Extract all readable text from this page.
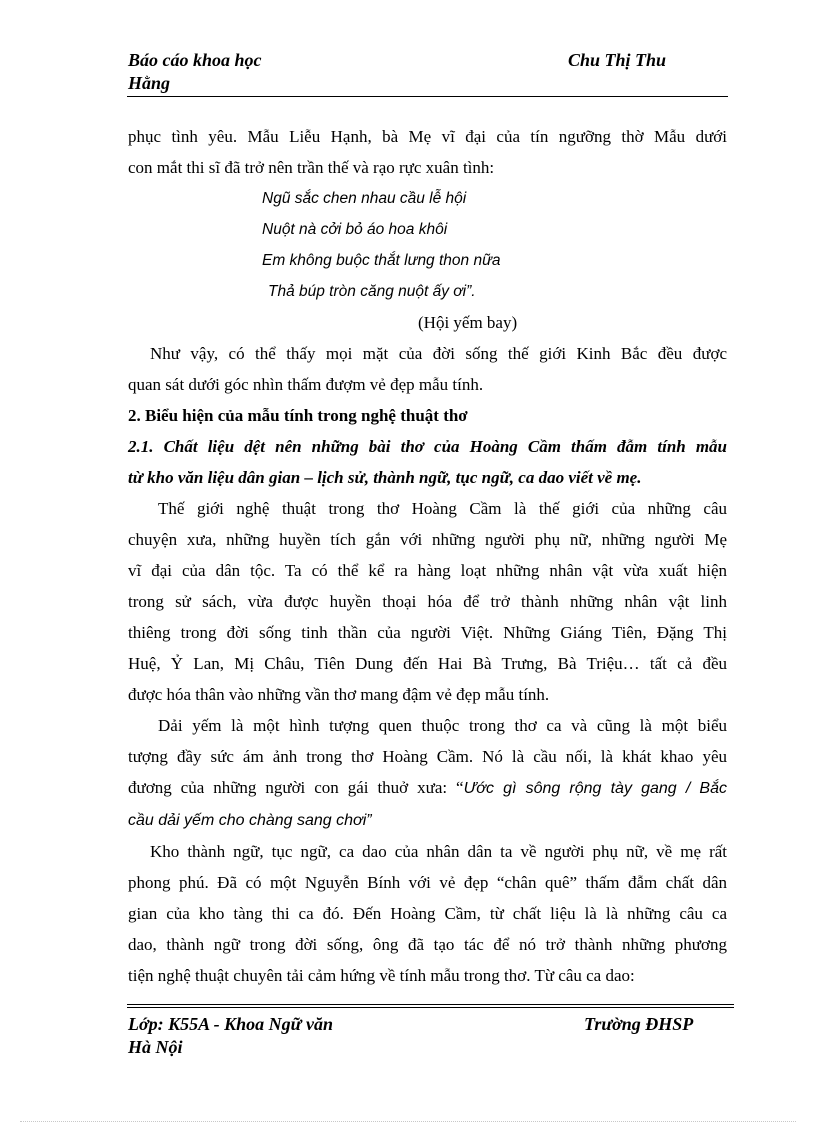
Báo cáo khoa học
Hằng
Chu Thị Thu

phục tình yêu. Mẫu Liễu Hạnh, bà Mẹ vĩ đại của tín ngưỡng thờ Mẫu dưới

con mắt thi sĩ đã trở nên trần thế và rạo rực xuân tình:

Ngũ sắc chen nhau cầu lễ hội

Nuột nà cởi bỏ áo hoa khôi

Em không buộc thắt lưng thon nữa

Thả búp tròn căng nuột ấy ơi”.

(Hội yếm bay)

Như vậy, có thể thấy mọi mặt của đời sống thế giới Kinh Bắc đều được

quan sát dưới góc nhìn thấm đượm vẻ đẹp mẫu tính.

2. Biểu hiện của mẫu tính trong nghệ thuật thơ

2.1. Chất liệu dệt nên những bài thơ của Hoàng Cầm thấm đẫm tính mẫu

từ kho văn liệu dân gian – lịch sử, thành ngữ, tục ngữ, ca dao viết về mẹ.

Thế giới nghệ thuật trong thơ Hoàng Cầm là thế giới của những câu

chuyện xưa, những huyền tích gắn với những người phụ nữ, những người Mẹ

vĩ đại của dân tộc. Ta có thể kể ra hàng loạt những nhân vật vừa xuất hiện

trong sử sách, vừa được huyền thoại hóa để trở thành những nhân vật linh

thiêng trong đời sống tinh thần của người Việt. Những Giáng Tiên, Đặng Thị

Huệ, Ỷ Lan, Mị Châu, Tiên Dung đến Hai Bà Trưng, Bà Triệu… tất cả đều

được hóa thân vào những vần thơ mang đậm vẻ đẹp mẫu tính.

Dải yếm là một hình tượng quen thuộc trong thơ ca và cũng là một biểu

tượng đầy sức ám ảnh trong thơ Hoàng Cầm. Nó là cầu nối, là khát khao yêu

đương của những người con gái thuở xưa: “Ước gì sông rộng tày gang / Bắc

cầu dải yếm cho chàng sang chơi”

Kho thành ngữ, tục ngữ, ca dao của nhân dân ta về người phụ nữ, về mẹ rất

phong phú. Đã có một Nguyễn Bính với vẻ đẹp “chân quê” thấm đẫm chất dân

gian của kho tàng thi ca đó. Đến Hoàng Cầm, từ chất liệu là là những câu ca

dao, thành ngữ trong đời sống, ông đã tạo tác để nó trở thành những phương

tiện nghệ thuật chuyên tải cảm hứng về tính mẫu trong thơ. Từ câu ca dao:

Lớp: K55A - Khoa Ngữ văn
Hà Nội
Trường ĐHSP
